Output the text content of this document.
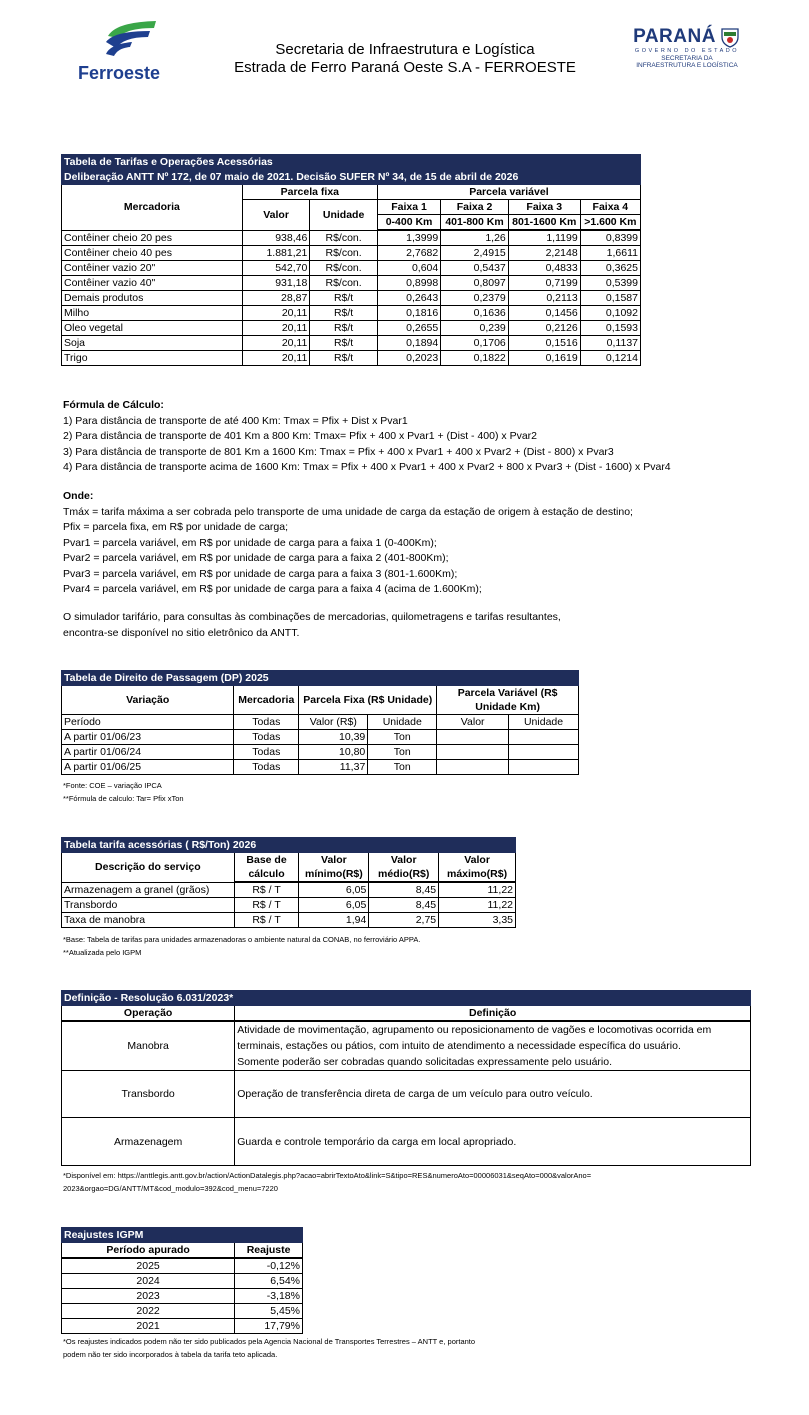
Ferroeste
Secretaria de Infraestrutura e Logística
Estrada de Ferro Paraná Oeste S.A - FERROESTE
PARANÁ
GOVERNO DO ESTADO
SECRETARIA DA
INFRAESTRUTURA E LOGÍSTICA
Tabela de Tarifas e Operações Acessórias						
Deliberação ANTT Nº 172, de 07 maio de 2021. Decisão SUFER Nº 34, de 15 de abril de 2026						
Mercadoria	Parcela fixa		Parcela variável			
	Valor	Unidade	Faixa 1	Faixa 2	Faixa 3	Faixa 4
			0-400 Km	401-800 Km	801-1600 Km	>1.600 Km
Contêiner cheio 20 pes	938,46	R$/con.	1,3999	1,26	1,1199	0,8399
Contêiner cheio 40 pes	1.881,21	R$/con.	2,7682	2,4915	2,2148	1,6611
Contêiner vazio 20"	542,70	R$/con.	0,604	0,5437	0,4833	0,3625
Contêiner vazio 40"	931,18	R$/con.	0,8998	0,8097	0,7199	0,5399
Demais produtos	28,87	R$/t	0,2643	0,2379	0,2113	0,1587
Milho	20,11	R$/t	0,1816	0,1636	0,1456	0,1092
Oleo vegetal	20,11	R$/t	0,2655	0,239	0,2126	0,1593
Soja	20,11	R$/t	0,1894	0,1706	0,1516	0,1137
Trigo	20,11	R$/t	0,2023	0,1822	0,1619	0,1214
Fórmula de Cálculo:
1) Para distância de transporte de até 400 Km: Tmax = Pfix + Dist x Pvar1
2) Para distância de transporte de 401 Km a 800 Km: Tmax= Pfix + 400 x Pvar1 + (Dist - 400) x Pvar2
3) Para distância de transporte de 801 Km a 1600 Km: Tmax = Pfix + 400 x Pvar1 + 400 x Pvar2 + (Dist - 800) x Pvar3
4) Para distância de transporte acima de 1600 Km: Tmax = Pfix + 400 x Pvar1 + 400 x Pvar2 + 800 x Pvar3 + (Dist - 1600) x Pvar4
Onde:
Tmáx = tarifa máxima a ser cobrada pelo transporte de uma unidade de carga da estação de origem à estação de destino;
Pfix = parcela fixa, em R$ por unidade de carga;
Pvar1 = parcela variável, em R$ por unidade de carga para a faixa 1 (0-400Km);
Pvar2 = parcela variável, em R$ por unidade de carga para a faixa 2 (401-800Km);
Pvar3 = parcela variável, em R$ por unidade de carga para a faixa 3 (801-1.600Km);
Pvar4 = parcela variável, em R$ por unidade de carga para a faixa 4 (acima de 1.600Km);
O simulador tarifário, para consultas às combinações de mercadorias, quilometragens e tarifas resultantes,
encontra-se disponível no sitio eletrônico da ANTT.
Tabela de Direito de Passagem (DP) 2025					
Variação	Mercadoria	Parcela Fixa (R$ Unidade)		Parcela Variável (R$	
				Unidade Km)	
Período	Todas	Valor (R$)	Unidade	Valor	Unidade
A partir 01/06/23	Todas	10,39	Ton		
A partir 01/06/24	Todas	10,80	Ton		
A partir 01/06/25	Todas	11,37	Ton		
*Fonte: COE – variação IPCA
**Fórmula de calculo: Tar= Pfix xTon
Tabela tarifa acessórias ( R$/Ton) 2026				
Descrição do serviço	Base de	Valor	Valor	Valor
	cálculo	mínimo(R$)	médio(R$)	máximo(R$)
Armazenagem a granel (grãos)	R$ / T	6,05	8,45	11,22
Transbordo	R$ / T	6,05	8,45	11,22
Taxa de manobra	R$ / T	1,94	2,75	3,35
*Base: Tabela de tarifas para unidades armazenadoras o ambiente natural da CONAB, no ferroviário APPA.
**Atualizada pelo IGPM
Definição - Resolução 6.031/2023*	
Operação	Definição
Manobra	Atividade de movimentação, agrupamento ou reposicionamento de vagões e locomotivas ocorrida em
terminais, estações ou pátios, com intuito de atendimento a necessidade específica do usuário.
Somente poderão ser cobradas quando solicitadas expressamente pelo usuário.

Transbordo	Operação de transferência direta de carga de um veículo para outro veículo.
Armazenagem	Guarda e controle temporário da carga em local apropriado.
*Disponível em: https://anttlegis.antt.gov.br/action/ActionDatalegis.php?acao=abrirTextoAto&link=S&tipo=RES&numeroAto=00006031&seqAto=000&valorAno=
2023&orgao=DG/ANTT/MT&cod_modulo=392&cod_menu=7220
Reajustes IGPM	
Período apurado	Reajuste
2025	-0,12%
2024	6,54%
2023	-3,18%
2022	5,45%
2021	17,79%
*Os reajustes indicados podem não ter sido publicados pela Agencia Nacional de Transportes Terrestres – ANTT e, portanto
podem não ter sido incorporados à tabela da tarifa teto aplicada.
